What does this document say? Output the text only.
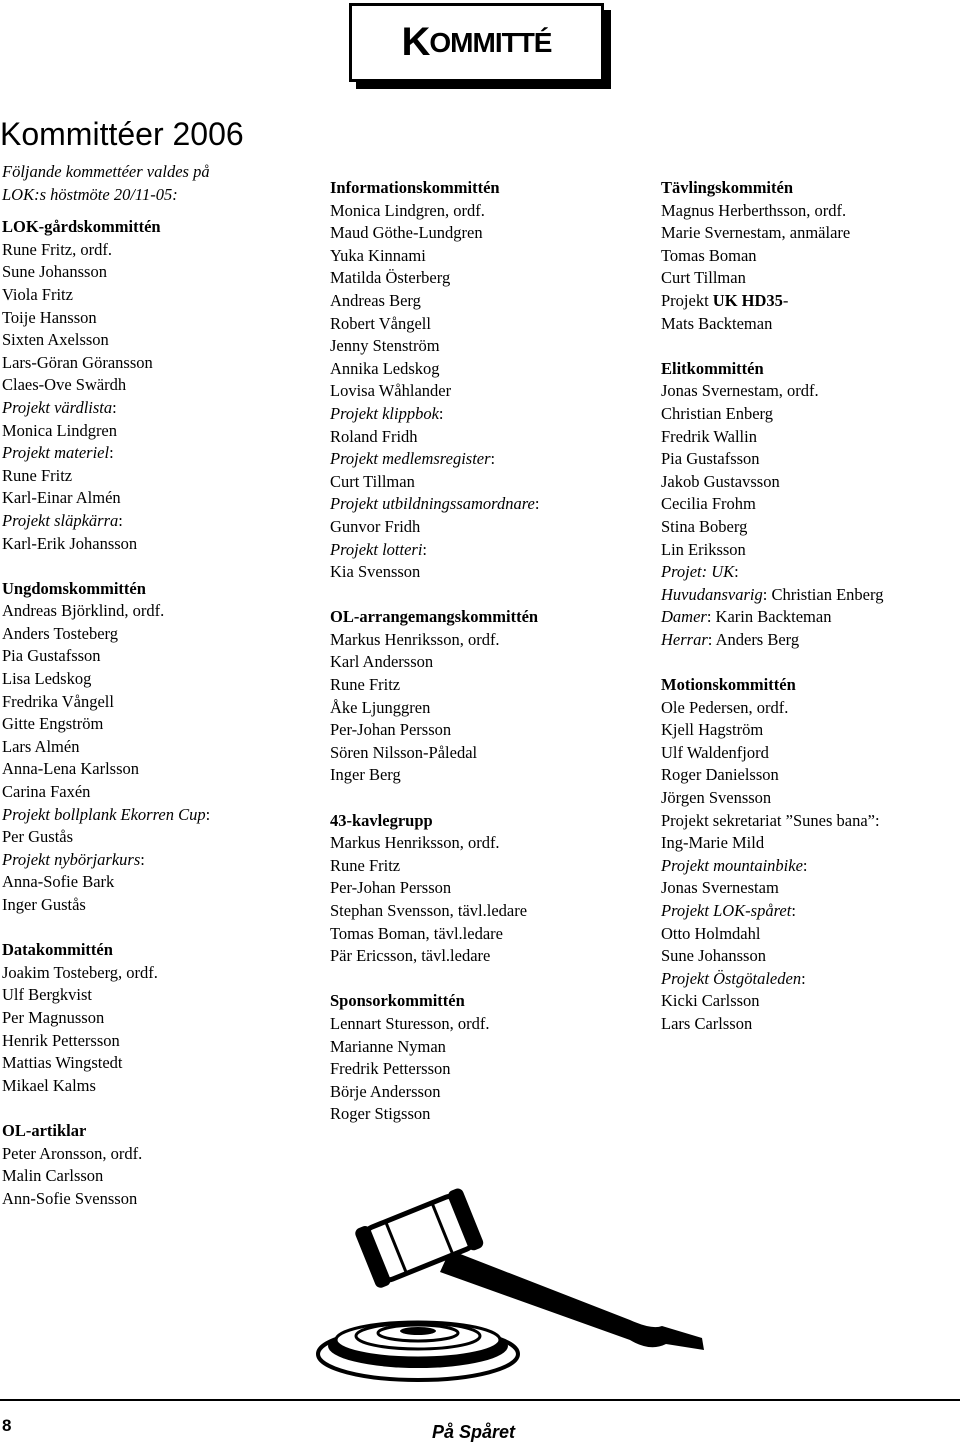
K OMMITTÉ
Kommittéer 2006
Följande kommettéer valdes på
LOK:s höstmöte 20/11-05:
LOK-gårdskommittén
Rune Fritz, ordf.
Sune Johansson
Viola Fritz
Toije Hansson
Sixten Axelsson
Lars-Göran Göransson
Claes-Ove Swärdh
Projekt värdlista:
Monica Lindgren
Projekt materiel:
Rune Fritz
Karl-Einar Almén
Projekt släpkärra:
Karl-Erik Johansson
Ungdomskommittén
Andreas Björklind, ordf.
Anders Tosteberg
Pia Gustafsson
Lisa Ledskog
Fredrika Vångell
Gitte Engström
Lars Almén
Anna-Lena Karlsson
Carina Faxén
Projekt bollplank Ekorren Cup:
Per Gustås
Projekt nybörjarkurs:
Anna-Sofie Bark
Inger Gustås
Datakommittén
Joakim Tosteberg, ordf.
Ulf Bergkvist
Per Magnusson
Henrik Pettersson
Mattias Wingstedt
Mikael Kalms
OL-artiklar
Peter Aronsson, ordf.
Malin Carlsson
Ann-Sofie Svensson
Informationskommittén
Monica Lindgren, ordf.
Maud Göthe-Lundgren
Yuka Kinnami
Matilda Österberg
Andreas Berg
Robert Vångell
Jenny Stenström
Annika Ledskog
Lovisa Wåhlander
Projekt klippbok:
Roland Fridh
Projekt medlemsregister:
Curt Tillman
Projekt utbildningssamordnare:
Gunvor Fridh
Projekt lotteri:
Kia Svensson
OL-arrangemangskommittén
Markus Henriksson, ordf.
Karl Andersson
Rune Fritz
Åke Ljunggren
Per-Johan Persson
Sören Nilsson-Påledal
Inger Berg
43-kavlegrupp
Markus Henriksson, ordf.
Rune Fritz
Per-Johan Persson
Stephan Svensson, tävl.ledare
Tomas Boman, tävl.ledare
Pär Ericsson, tävl.ledare
Sponsorkommittén
Lennart Sturesson, ordf.
Marianne Nyman
Fredrik Pettersson
Börje Andersson
Roger Stigsson
Tävlingskommitén
Magnus Herberthsson, ordf.
Marie Svernestam, anmälare
Tomas Boman
Curt Tillman
Projekt UK HD35-
Mats Backteman
Elitkommittén
Jonas Svernestam, ordf.
Christian Enberg
Fredrik Wallin
Pia Gustafsson
Jakob Gustavsson
Cecilia Frohm
Stina Boberg
Lin Eriksson
Projet: UK:
Huvudansvarig: Christian Enberg
Damer: Karin Backteman
Herrar: Anders Berg
Motionskommittén
Ole Pedersen, ordf.
Kjell Hagström
Ulf Waldenfjord
Roger Danielsson
Jörgen Svensson
Projekt sekretariat ”Sunes bana”:
Ing-Marie Mild
Projekt mountainbike:
Jonas Svernestam
Projekt LOK-spåret:
Otto Holmdahl
Sune Johansson
Projekt Östgötaleden:
Kicki Carlsson
Lars Carlsson
8	På Spåret
